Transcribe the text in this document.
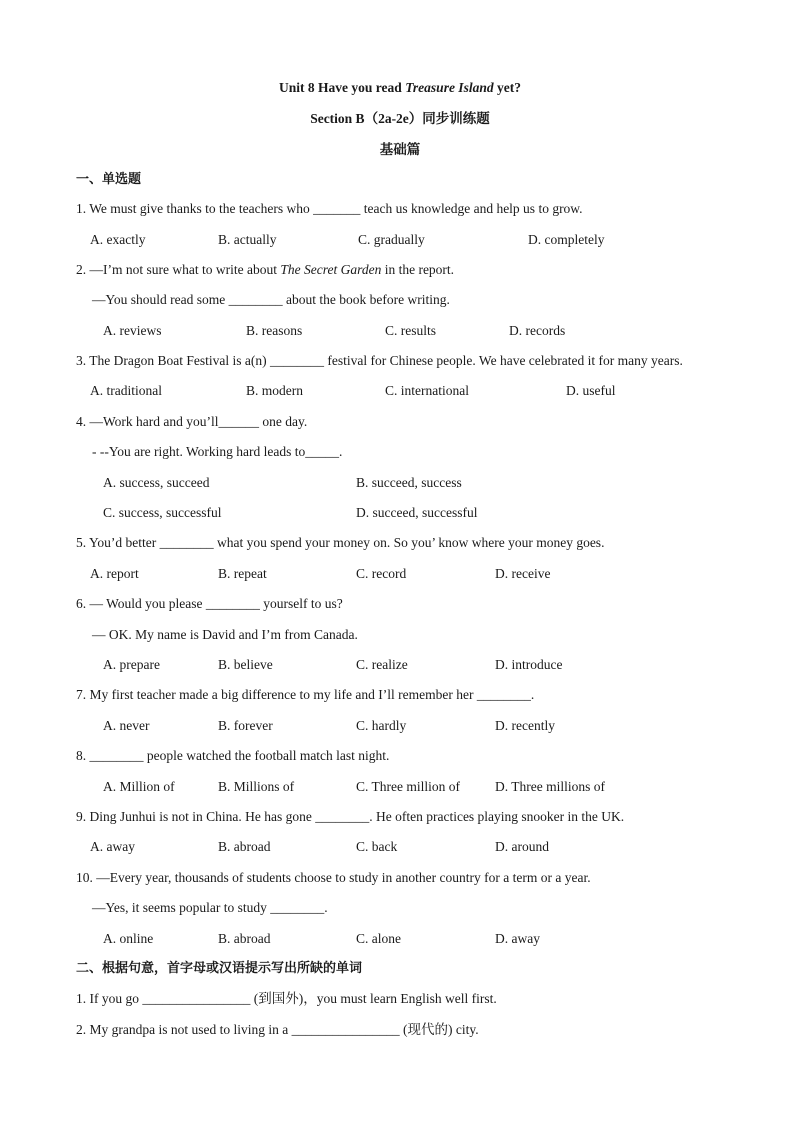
Unit 8 Have you read Treasure Island yet?
Section B（2a-2e）同步训练题
基础篇
一、单选题
1. We must give thanks to the teachers who _______ teach us knowledge and help us to grow.
A. exactly	B. actually	C. gradually	D. completely
2. —I’m not sure what to write about The Secret Garden in the report.
—You should read some ________ about the book before writing.
A. reviews	B. reasons	C. results	D. records
3. The Dragon Boat Festival is a(n) ________ festival for Chinese people. We have celebrated it for many years.
A. traditional	B. modern	C. international	D. useful
4. —Work hard and you’ll______ one day.
- --You are right. Working hard leads to_____.
A. success, succeed	B. succeed, success
C. success, successful	D. succeed, successful
5. You’d better ________ what you spend your money on. So you’ know where your money goes.
A. report	B. repeat	C. record	D. receive
6. — Would you please ________ yourself to us?
— OK. My name is David and I’m from Canada.
A. prepare	B. believe	C. realize	D. introduce
7. My first teacher made a big difference to my life and I’ll remember her ________.
A. never	B. forever	C. hardly	D. recently
8. ________ people watched the football match last night.
A. Million of	B. Millions of	C. Three million of	D. Three millions of
9. Ding Junhui is not in China. He has gone ________. He often practices playing snooker in the UK.
A. away	B. abroad	C. back	D. around
10. —Every year, thousands of students choose to study in another country for a term or a year.
—Yes, it seems popular to study ________.
A. online	B. abroad	C. alone	D. away
二、根据句意，首字母或汉语提示写出所缺的单词
1. If you go ________________ (到国外)，you must learn English well first.
2. My grandpa is not used to living in a ________________ (现代的) city.
